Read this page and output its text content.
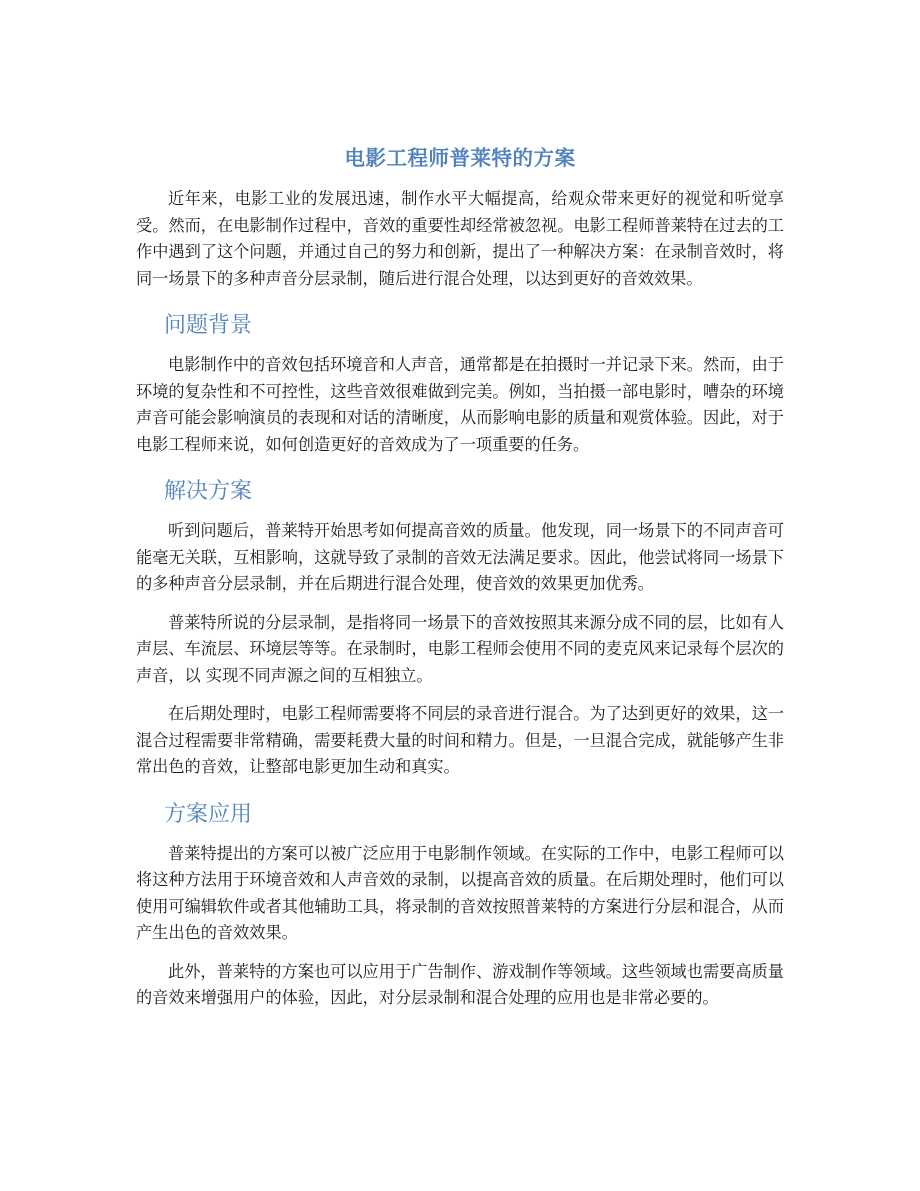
电影工程师普莱特的方案

近年来，电影工业的发展迅速，制作水平大幅提高，给观众带来更好的视觉和听觉享受。然而，在电影制作过程中，音效的重要性却经常被忽视。电影工程师普莱特在过去的工作中遇到了这个问题，并通过自己的努力和创新，提出了一种解决方案：在录制音效时，将同一场景下的多种声音分层录制，随后进行混合处理，以达到更好的音效效果。

问题背景

电影制作中的音效包括环境音和人声音，通常都是在拍摄时一并记录下来。然而，由于环境的复杂性和不可控性，这些音效很难做到完美。例如，当拍摄一部电影时，嘈杂的环境声音可能会影响演员的表现和对话的清晰度，从而影响电影的质量和观赏体验。因此，对于电影工程师来说，如何创造更好的音效成为了一项重要的任务。

解决方案

听到问题后，普莱特开始思考如何提高音效的质量。他发现，同一场景下的不同声音可能毫无关联，互相影响，这就导致了录制的音效无法满足要求。因此，他尝试将同一场景下的多种声音分层录制，并在后期进行混合处理，使音效的效果更加优秀。

普莱特所说的分层录制，是指将同一场景下的音效按照其来源分成不同的层，比如有人声层、车流层、环境层等等。在录制时，电影工程师会使用不同的麦克风来记录每个层次的声音，以 实现不同声源之间的互相独立。

在后期处理时，电影工程师需要将不同层的录音进行混合。为了达到更好的效果，这一混合过程需要非常精确，需要耗费大量的时间和精力。但是，一旦混合完成，就能够产生非常出色的音效，让整部电影更加生动和真实。

方案应用

普莱特提出的方案可以被广泛应用于电影制作领域。在实际的工作中，电影工程师可以将这种方法用于环境音效和人声音效的录制，以提高音效的质量。在后期处理时，他们可以使用可编辑软件或者其他辅助工具，将录制的音效按照普莱特的方案进行分层和混合，从而产生出色的音效效果。

此外，普莱特的方案也可以应用于广告制作、游戏制作等领域。这些领域也需要高质量的音效来增强用户的体验，因此，对分层录制和混合处理的应用也是非常必要的。
